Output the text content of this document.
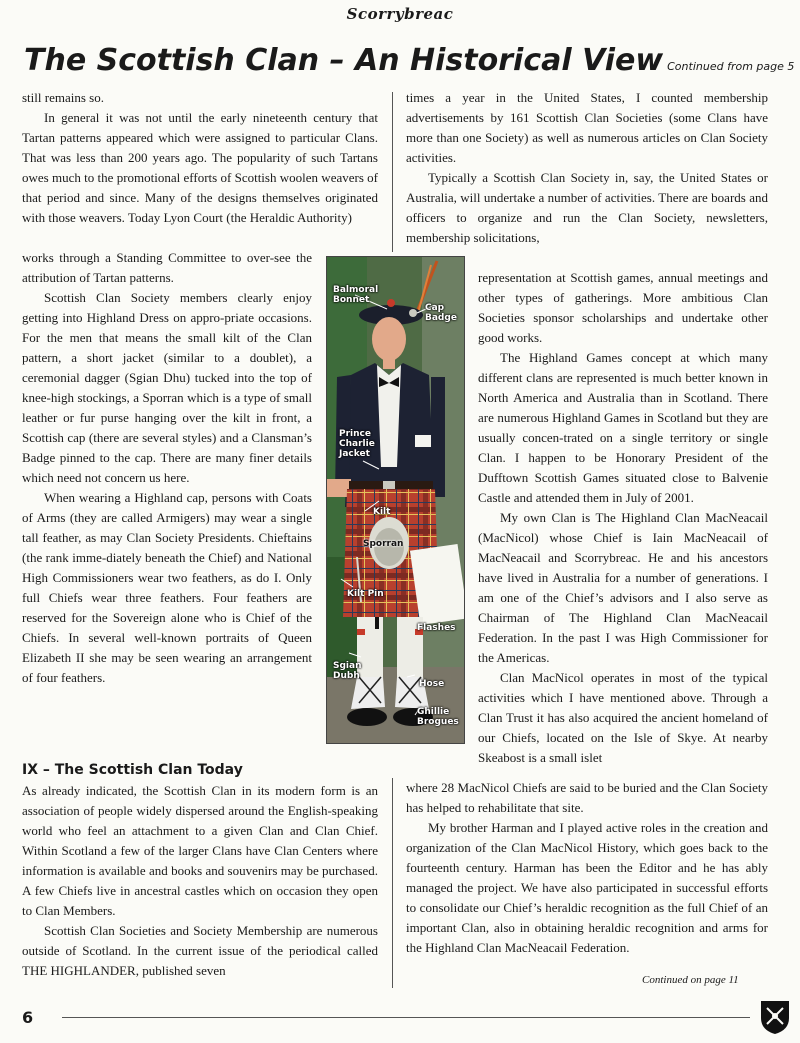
Scorrybreac
The Scottish Clan – An Historical View Continued from page 5

still remains so.

In general it was not until the early nineteenth century that Tartan patterns appeared which were assigned to particular Clans. That was less than 200 years ago. The popularity of such Tartans owes much to the promotional efforts of Scottish woolen weavers of that period and since. Many of the designs themselves originated with those weavers. Today Lyon Court (the Heraldic Authority)

works through a Standing Committee to over-see the attribution of Tartan patterns.

Scottish Clan Society members clearly enjoy getting into Highland Dress on appro-priate occasions. For the men that means the small kilt of the Clan pattern, a short jacket (similar to a doublet), a ceremonial dagger (Sgian Dhu) tucked into the top of knee-high stockings, a Sporran which is a type of small leather or fur purse hanging over the kilt in front, a Scottish cap (there are several styles) and a Clansman’s Badge pinned to the cap. There are many finer details which need not concern us here.

When wearing a Highland cap, persons with Coats of Arms (they are called Armigers) may wear a single tall feather, as may Clan Society Presidents. Chieftains (the rank imme-diately beneath the Chief) and National High Commissioners wear two feathers, as do I. Only full Chiefs wear three feathers. Four feathers are reserved for the Sovereign alone who is Chief of the Chiefs. In several well-known portraits of Queen Elizabeth II she may be seen wearing an arrangement of four feathers.

IX – The Scottish Clan Today

As already indicated, the Scottish Clan in its modern form is an association of people widely dispersed around the English-speaking world who feel an attachment to a given Clan and Clan Chief. Within Scotland a few of the larger Clans have Clan Centers where information is available and books and souvenirs may be purchased. A few Chiefs live in ancestral castles which on occasion they open to Clan Members.

Scottish Clan Societies and Society Membership are numerous outside of Scotland. In the current issue of the periodical called THE HIGHLANDER, published seven

times a year in the United States, I counted membership advertisements by 161 Scottish Clan Societies (some Clans have more than one Society) as well as numerous articles on Clan Society activities.

Typically a Scottish Clan Society in, say, the United States or Australia, will undertake a number of activities. There are boards and officers to organize and run the Clan Society, newsletters, membership solicitations,

representation at Scottish games, annual meetings and other types of gatherings. More ambitious Clan Societies sponsor scholarships and undertake other good works.

The Highland Games concept at which many different clans are represented is much better known in North America and Australia than in Scotland. There are numerous Highland Games in Scotland but they are usually concen-trated on a single territory or single Clan. I happen to be Honorary President of the Dufftown Scottish Games situated close to Balvenie Castle and attended them in July of 2001.

My own Clan is The Highland Clan MacNeacail (MacNicol) whose Chief is Iain MacNeacail of MacNeacail and Scorrybreac. He and his ancestors have lived in Australia for a number of generations. I am one of the Chief’s advisors and I also serve as Chairman of The Highland Clan MacNeacail Federation. In the past I was High Commissioner for the Americas.

Clan MacNicol operates in most of the typical activities which I have mentioned above. Through a Clan Trust it has also acquired the ancient homeland of our Chiefs, located on the Isle of Skye. At nearby Skeabost is a small islet

where 28 MacNicol Chiefs are said to be buried and the Clan Society has helped to rehabilitate that site.

My brother Harman and I played active roles in the creation and organization of the Clan MacNicol History, which goes back to the fourteenth century. Harman has been the Editor and he has ably managed the project. We have also participated in successful efforts to consolidate our Chief’s heraldic recognition as the full Chief of an important Clan, also in obtaining heraldic recognition and arms for the Highland Clan MacNeacail Federation.

Balmoral Bonnet
Cap Badge
Prince Charlie Jacket
Kilt
Sporran
Kilt Pin
Flashes
Sgian Dubh
Hose
Ghillie Brogues
Continued on page 11
6
